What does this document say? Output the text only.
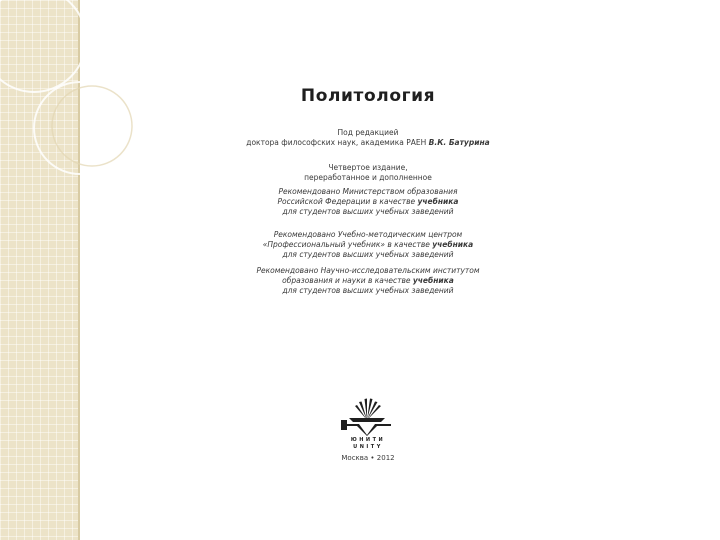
Политология

Под редакцией

доктора философских наук, академика РАЕН В.К. Батурина

Четвертое издание,

переработанное и дополненное

Рекомендовано Министерством образования

Российской Федерации в качестве учебника

для студентов высших учебных заведений

Рекомендовано Учебно-методическим центром

«Профессиональный учебник» в качестве учебника

для студентов высших учебных заведений

Рекомендовано Научно-исследовательским институтом

образования и науки в качестве учебника

для студентов высших учебных заведений

ЮНИТИ
UNITY
Москва • 2012
